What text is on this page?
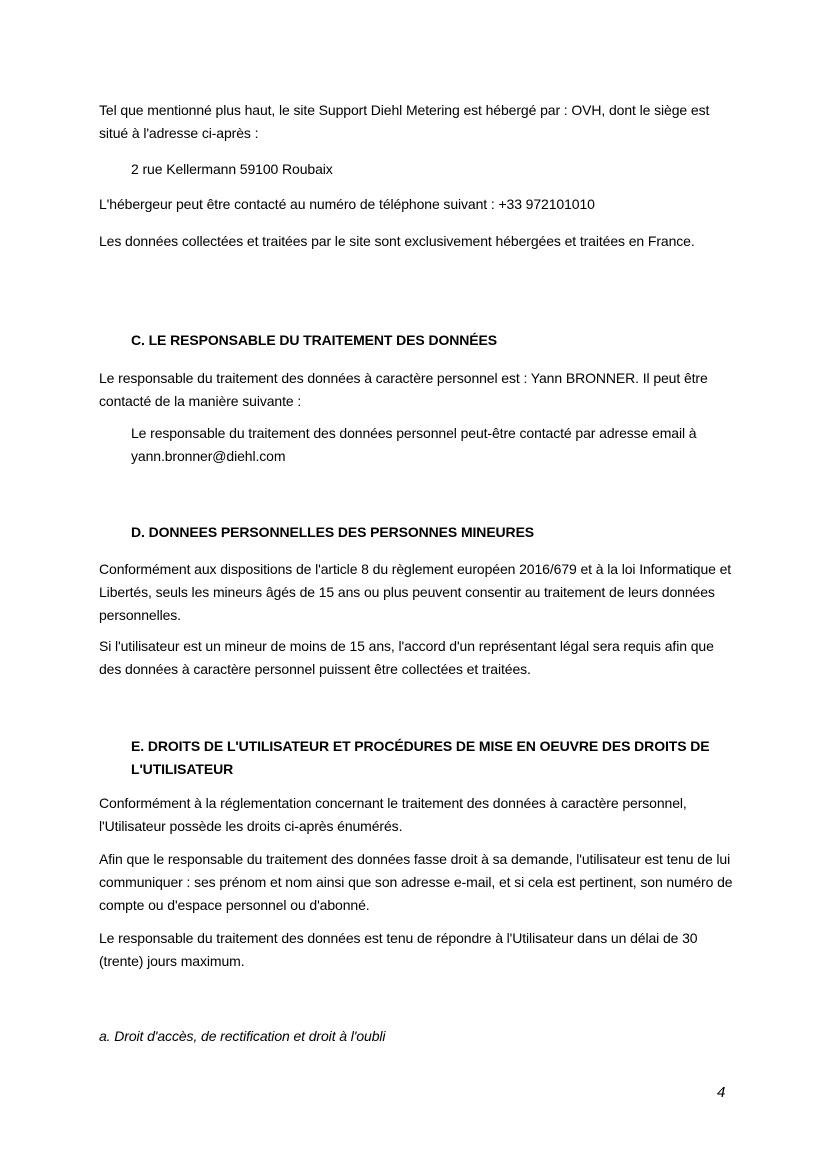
Tel que mentionné plus haut, le site Support Diehl Metering est hébergé par : OVH, dont le siège est situé à l'adresse ci-après :

2 rue Kellermann 59100 Roubaix

L'hébergeur peut être contacté au numéro de téléphone suivant : +33 972101010

Les données collectées et traitées par le site sont exclusivement hébergées et traitées en France.

C. LE RESPONSABLE DU TRAITEMENT DES DONNÉES

Le responsable du traitement des données à caractère personnel est : Yann BRONNER. Il peut être contacté de la manière suivante :

Le responsable du traitement des données personnel peut-être contacté par adresse email à yann.bronner@diehl.com

D. DONNEES PERSONNELLES DES PERSONNES MINEURES

Conformément aux dispositions de l'article 8 du règlement européen 2016/679 et à la loi Informatique et Libertés, seuls les mineurs âgés de 15 ans ou plus peuvent consentir au traitement de leurs données personnelles.

Si l'utilisateur est un mineur de moins de 15 ans, l'accord d'un représentant légal sera requis afin que des données à caractère personnel puissent être collectées et traitées.

E. DROITS DE L'UTILISATEUR ET PROCÉDURES DE MISE EN OEUVRE DES DROITS DE L'UTILISATEUR

Conformément à la réglementation concernant le traitement des données à caractère personnel, l'Utilisateur possède les droits ci-après énumérés.

Afin que le responsable du traitement des données fasse droit à sa demande, l'utilisateur est tenu de lui communiquer : ses prénom et nom ainsi que son adresse e-mail, et si cela est pertinent, son numéro de compte ou d'espace personnel ou d'abonné.

Le responsable du traitement des données est tenu de répondre à l'Utilisateur dans un délai de 30 (trente) jours maximum.

a. Droit d'accès, de rectification et droit à l'oubli

4
